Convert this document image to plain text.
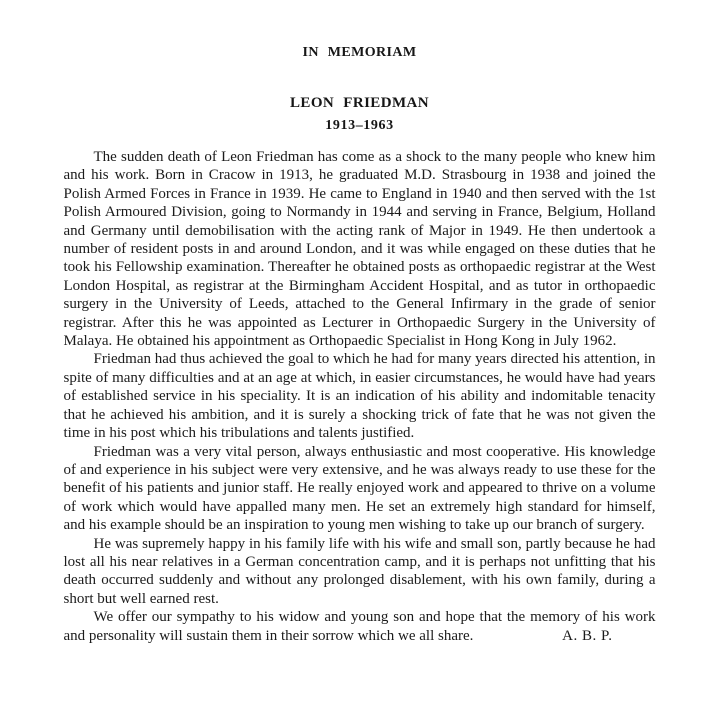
IN MEMORIAM
LEON FRIEDMAN
1913–1963

The sudden death of Leon Friedman has come as a shock to the many people who knew him and his work. Born in Cracow in 1913, he graduated M.D. Strasbourg in 1938 and joined the Polish Armed Forces in France in 1939. He came to England in 1940 and then served with the 1st Polish Armoured Division, going to Normandy in 1944 and serving in France, Belgium, Holland and Germany until demobilisation with the acting rank of Major in 1949. He then undertook a number of resident posts in and around London, and it was while engaged on these duties that he took his Fellowship examination. Thereafter he obtained posts as orthopaedic registrar at the West London Hospital, as registrar at the Birmingham Accident Hospital, and as tutor in orthopaedic surgery in the University of Leeds, attached to the General Infirmary in the grade of senior registrar. After this he was appointed as Lecturer in Orthopaedic Surgery in the University of Malaya. He obtained his appointment as Orthopaedic Specialist in Hong Kong in July 1962.

Friedman had thus achieved the goal to which he had for many years directed his attention, in spite of many difficulties and at an age at which, in easier circumstances, he would have had years of established service in his speciality. It is an indication of his ability and indomitable tenacity that he achieved his ambition, and it is surely a shocking trick of fate that he was not given the time in his post which his tribulations and talents justified.

Friedman was a very vital person, always enthusiastic and most cooperative. His knowledge of and experience in his subject were very extensive, and he was always ready to use these for the benefit of his patients and junior staff. He really enjoyed work and appeared to thrive on a volume of work which would have appalled many men. He set an extremely high standard for himself, and his example should be an inspiration to young men wishing to take up our branch of surgery.

He was supremely happy in his family life with his wife and small son, partly because he had lost all his near relatives in a German concentration camp, and it is perhaps not unfitting that his death occurred suddenly and without any prolonged disablement, with his own family, during a short but well earned rest.

We offer our sympathy to his widow and young son and hope that the memory of his work and personality will sustain them in their sorrow which we all share.	A. B. P.
